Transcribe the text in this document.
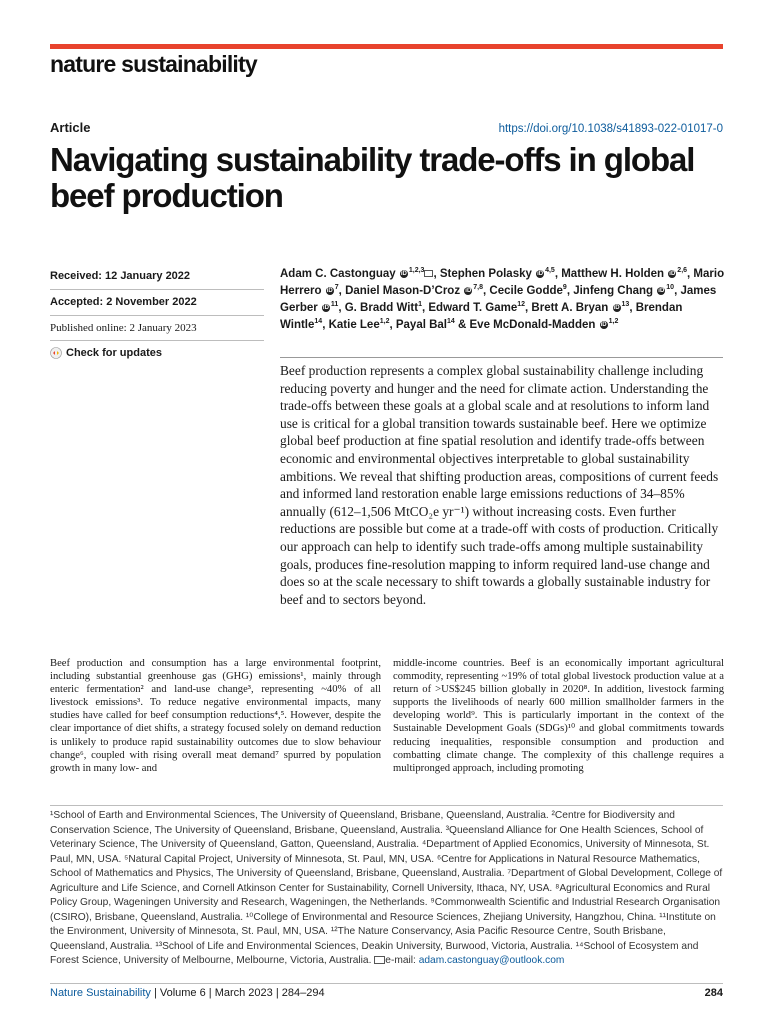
nature sustainability
Article	https://doi.org/10.1038/s41893-022-01017-0
Navigating sustainability trade-offs in global beef production
Received: 12 January 2022
Accepted: 2 November 2022
Published online: 2 January 2023
Check for updates
Adam C. Castonguay iD $^{1,2,3}$ , Stephen Polasky iD $^{4,5}$, Matthew H. Holden iD $^{2,6}$, Mario Herrero iD $^7$, Daniel Mason-D’Croz iD $^{7,8}$, Cecile Godde$^9$, Jinfeng Chang iD $^{10}$, James Gerber iD $^{11}$, G. Bradd Witt$^1$, Edward T. Game$^{12}$, Brett A. Bryan iD $^{13}$, Brendan Wintle$^{14}$, Katie Lee$^{1,2}$, Payal Bal$^{14}$ & Eve McDonald-Madden iD $^{1,2}$

Beef production represents a complex global sustainability challenge including reducing poverty and hunger and the need for climate action. Understanding the trade-offs between these goals at a global scale and at resolutions to inform land use is critical for a global transition towards sustainable beef. Here we optimize global beef production at fine spatial resolution and identify trade-offs between economic and environmental objectives interpretable to global sustainability ambitions. We reveal that shifting production areas, compositions of current feeds and informed land restoration enable large emissions reductions of 34–85% annually (612–1,506 MtCO₂e yr⁻¹) without increasing costs. Even further reductions are possible but come at a trade-off with costs of production. Critically our approach can help to identify such trade-offs among multiple sustainability goals, produces fine-resolution mapping to inform required land-use change and does so at the scale necessary to shift towards a globally sustainable industry for beef and to sectors beyond.

Beef production and consumption has a large environmental footprint, including substantial greenhouse gas (GHG) emissions¹, mainly through enteric fermentation² and land-use change³, representing ~40% of all livestock emissions³. To reduce negative environmental impacts, many studies have called for beef consumption reductions⁴,⁵. However, despite the clear importance of diet shifts, a strategy focused solely on demand reduction is unlikely to produce rapid sustainability outcomes due to slow behaviour change⁶, coupled with rising overall meat demand⁷ spurred by population growth in many low- and

middle-income countries. Beef is an economically important agricultural commodity, representing ~19% of total global livestock production value at a return of >US$245 billion globally in 2020⁸. In addition, livestock farming supports the livelihoods of nearly 600 million smallholder farmers in the developing world⁹. This is particularly important in the context of the Sustainable Development Goals (SDGs)¹⁰ and global commitments towards reducing inequalities, responsible consumption and production and combatting climate change. The complexity of this challenge requires a multipronged approach, including promoting

¹School of Earth and Environmental Sciences, The University of Queensland, Brisbane, Queensland, Australia. ²Centre for Biodiversity and Conservation Science, The University of Queensland, Brisbane, Queensland, Australia. ³Queensland Alliance for One Health Sciences, School of Veterinary Science, The University of Queensland, Gatton, Queensland, Australia. ⁴Department of Applied Economics, University of Minnesota, St. Paul, MN, USA. ⁵Natural Capital Project, University of Minnesota, St. Paul, MN, USA. ⁶Centre for Applications in Natural Resource Mathematics, School of Mathematics and Physics, The University of Queensland, Brisbane, Queensland, Australia. ⁷Department of Global Development, College of Agriculture and Life Science, and Cornell Atkinson Center for Sustainability, Cornell University, Ithaca, NY, USA. ⁸Agricultural Economics and Rural Policy Group, Wageningen University and Research, Wageningen, the Netherlands. ⁹Commonwealth Scientific and Industrial Research Organisation (CSIRO), Brisbane, Queensland, Australia. ¹⁰College of Environmental and Resource Sciences, Zhejiang University, Hangzhou, China. ¹¹Institute on the Environment, University of Minnesota, St. Paul, MN, USA. ¹²The Nature Conservancy, Asia Pacific Resource Centre, South Brisbane, Queensland, Australia. ¹³School of Life and Environmental Sciences, Deakin University, Burwood, Victoria, Australia. ¹⁴School of Ecosystem and Forest Science, University of Melbourne, Melbourne, Victoria, Australia. e-mail: adam.castonguay@outlook.com

Nature Sustainability | Volume 6 | March 2023 | 284–294	284
